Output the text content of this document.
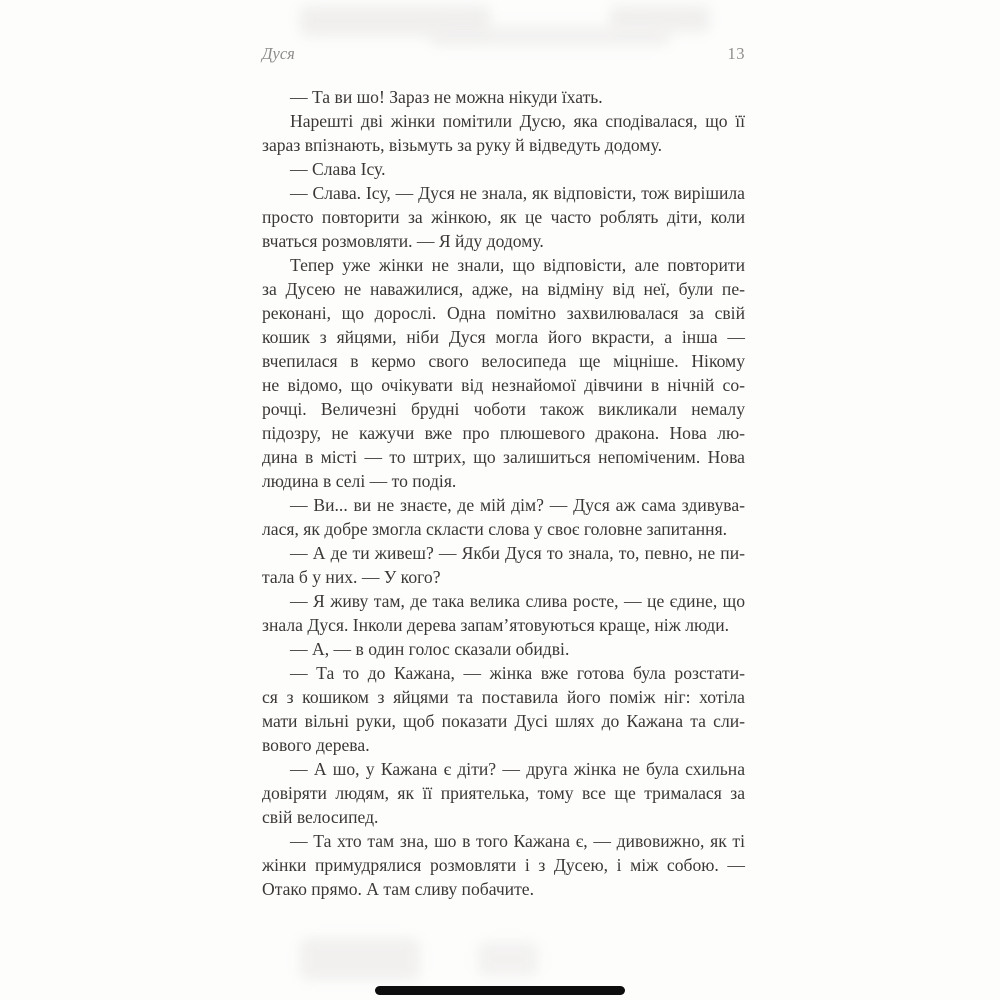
Дуся	13
— Та ви шо! Зараз не можна нікуди їхать.
Нарешті дві жінки помітили Дусю, яка сподівалася, що її
зараз впізнають, візьмуть за руку й відведуть додому.
— Слава Ісу.
— Слава. Ісу, — Дуся не знала, як відповісти, тож вирішила
просто повторити за жінкою, як це часто роблять діти, коли
вчаться розмовляти. — Я йду додому.
Тепер уже жінки не знали, що відповісти, але повторити
за Дусею не наважилися, адже, на відміну від неї, були пе-
реконані, що дорослі. Одна помітно захвилювалася за свій
кошик з яйцями, ніби Дуся могла його вкрасти, а інша —
вчепилася в кермо свого велосипеда ще міцніше. Нікому
не відомо, що очікувати від незнайомої дівчини в нічній со-
рочці. Величезні брудні чоботи також викликали немалу
підозру, не кажучи вже про плюшевого дракона. Нова лю-
дина в місті — то штрих, що залишиться непоміченим. Нова
людина в селі — то подія.
— Ви... ви не знаєте, де мій дім? — Дуся аж сама здивува-
лася, як добре змогла скласти слова у своє головне запитання.
— А де ти живеш? — Якби Дуся то знала, то, певно, не пи-
тала б у них. — У кого?
— Я живу там, де така велика слива росте, — це єдине, що
знала Дуся. Інколи дерева запам’ятовуються краще, ніж люди.
— А, — в один голос сказали обидві.
— Та то до Кажана, — жінка вже готова була розстати-
ся з кошиком з яйцями та поставила його поміж ніг: хотіла
мати вільні руки, щоб показати Дусі шлях до Кажана та сли-
вового дерева.
— А шо, у Кажана є діти? — друга жінка не була схильна
довіряти людям, як її приятелька, тому все ще трималася за
свій велосипед.
— Та хто там зна, шо в того Кажана є, — дивовижно, як ті
жінки примудрялися розмовляти і з Дусею, і між собою. —
Отако прямо. А там сливу побачите.
